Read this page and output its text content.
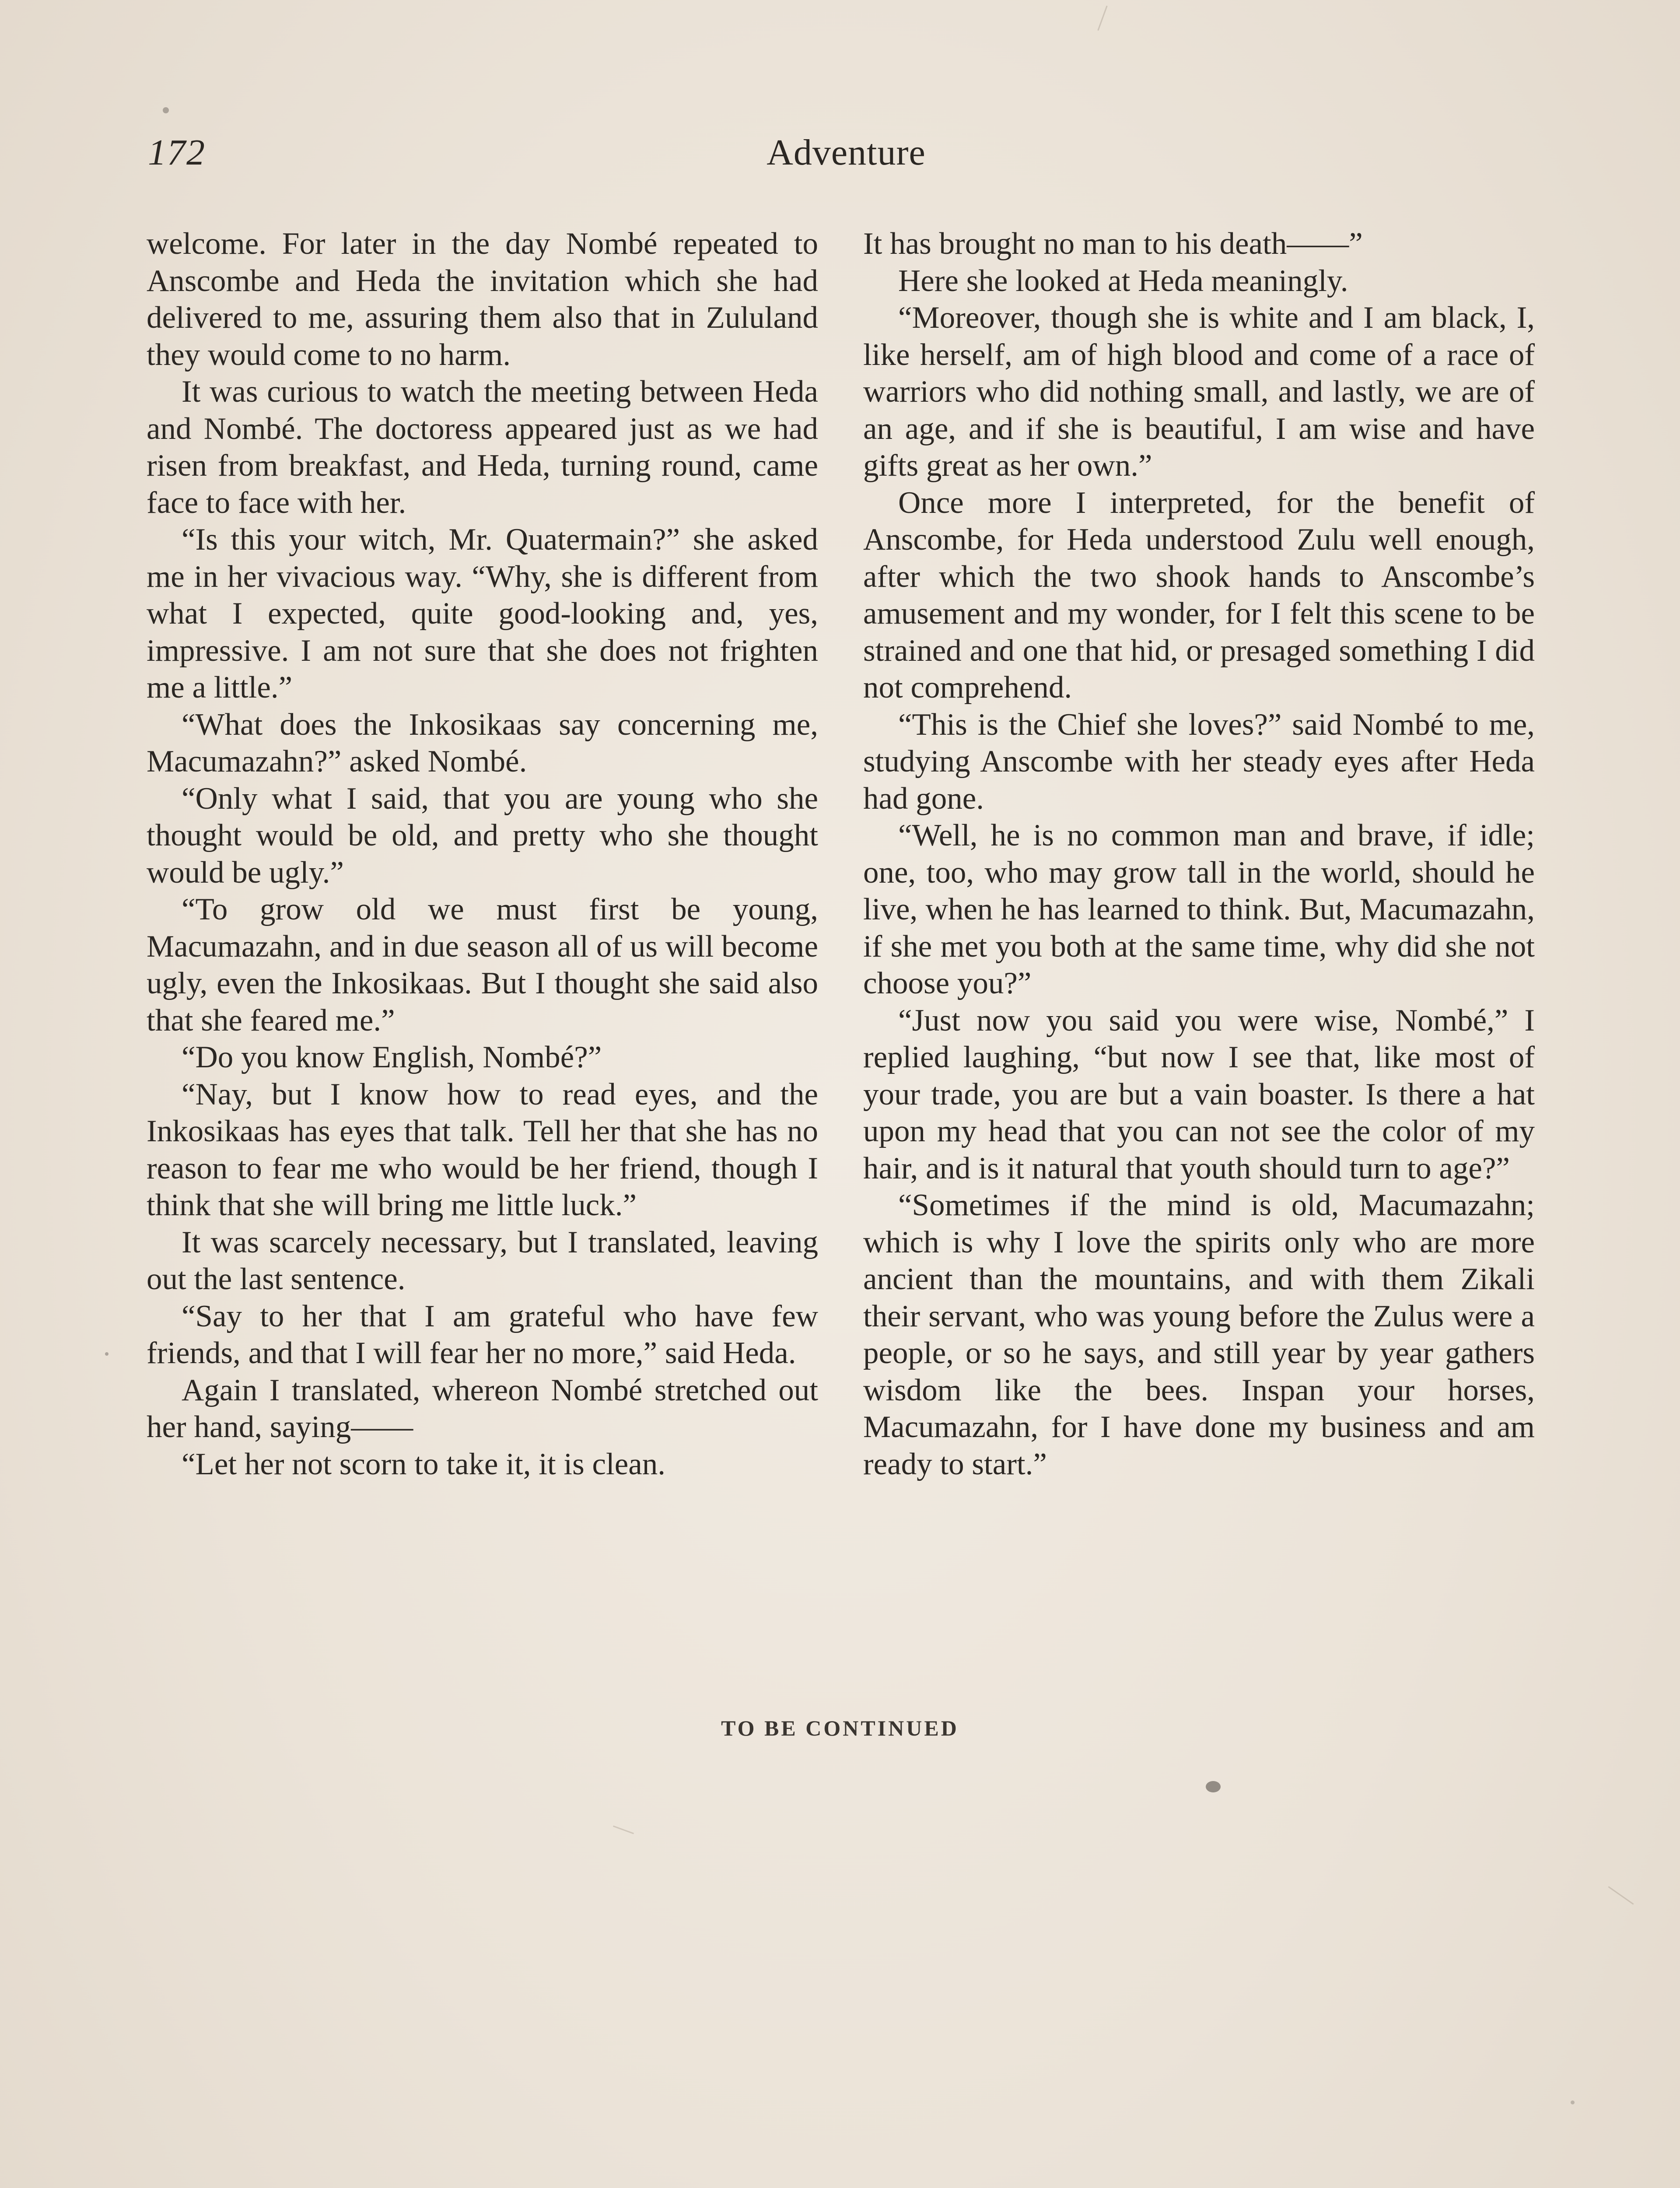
172	Adventure

welcome. For later in the day Nombé repeated to Anscombe and Heda the invitation which she had delivered to me, assuring them also that in Zululand they would come to no harm.

It was curious to watch the meeting between Heda and Nombé. The doctoress appeared just as we had risen from breakfast, and Heda, turning round, came face to face with her.

“Is this your witch, Mr. Quatermain?” she asked me in her vivacious way. “Why, she is different from what I expected, quite good-looking and, yes, impressive. I am not sure that she does not frighten me a little.”

“What does the Inkosikaas say concerning me, Macumazahn?” asked Nombé.

“Only what I said, that you are young who she thought would be old, and pretty who she thought would be ugly.”

“To grow old we must first be young, Macumazahn, and in due season all of us will become ugly, even the Inkosikaas. But I thought she said also that she feared me.”

“Do you know English, Nombé?”

“Nay, but I know how to read eyes, and the Inkosikaas has eyes that talk. Tell her that she has no reason to fear me who would be her friend, though I think that she will bring me little luck.”

It was scarcely necessary, but I translated, leaving out the last sentence.

“Say to her that I am grateful who have few friends, and that I will fear her no more,” said Heda.

Again I translated, whereon Nombé stretched out her hand, saying——

“Let her not scorn to take it, it is clean.

It has brought no man to his death——”

Here she looked at Heda meaningly.

“Moreover, though she is white and I am black, I, like herself, am of high blood and come of a race of warriors who did nothing small, and lastly, we are of an age, and if she is beautiful, I am wise and have gifts great as her own.”

Once more I interpreted, for the benefit of Anscombe, for Heda understood Zulu well enough, after which the two shook hands to Anscombe’s amusement and my wonder, for I felt this scene to be strained and one that hid, or presaged something I did not comprehend.

“This is the Chief she loves?” said Nombé to me, studying Anscombe with her steady eyes after Heda had gone.

“Well, he is no common man and brave, if idle; one, too, who may grow tall in the world, should he live, when he has learned to think. But, Macumazahn, if she met you both at the same time, why did she not choose you?”

“Just now you said you were wise, Nombé,” I replied laughing, “but now I see that, like most of your trade, you are but a vain boaster. Is there a hat upon my head that you can not see the color of my hair, and is it natural that youth should turn to age?”

“Sometimes if the mind is old, Macumazahn; which is why I love the spirits only who are more ancient than the mountains, and with them Zikali their servant, who was young before the Zulus were a people, or so he says, and still year by year gathers wisdom like the bees. Inspan your horses, Macumazahn, for I have done my business and am ready to start.”

TO BE CONTINUED
